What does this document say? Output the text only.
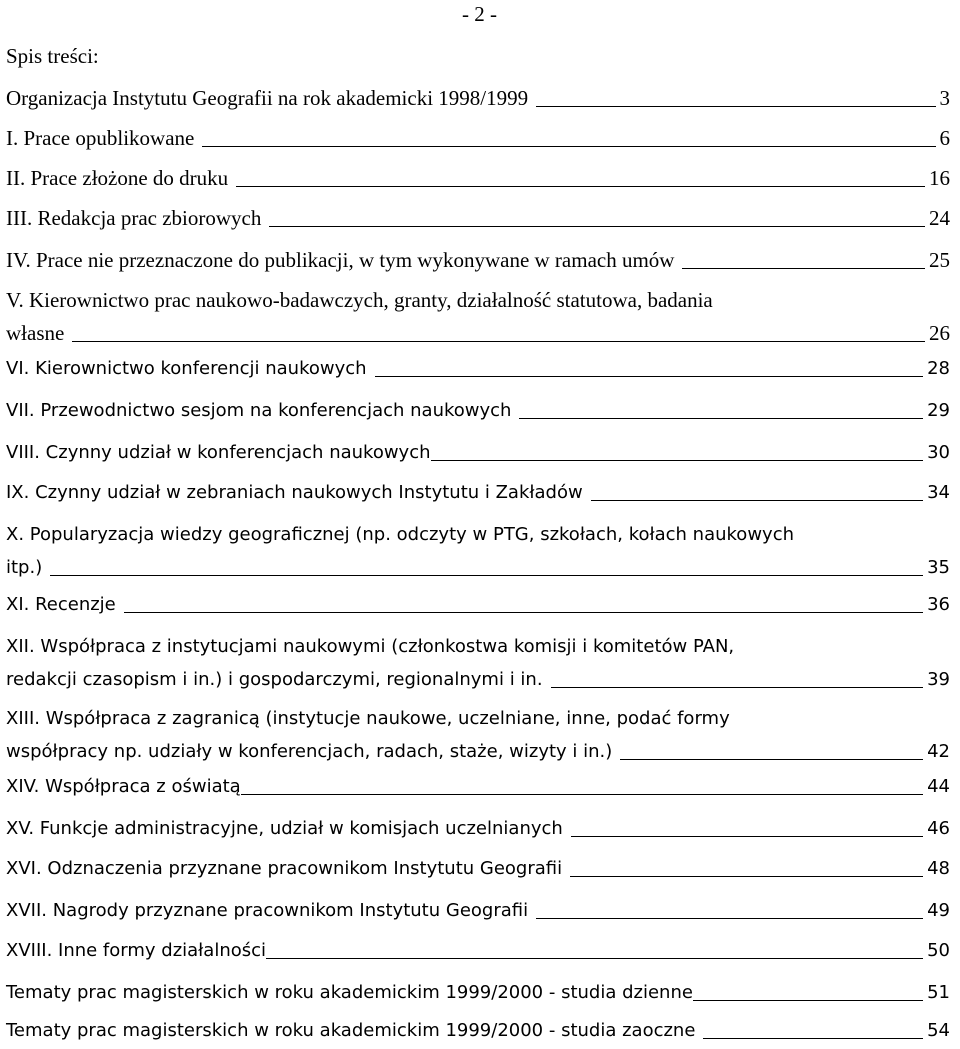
- 2 -
Spis treści:
Organizacja Instytutu Geografii na rok akademicki 1998/1999	3
I. Prace opublikowane	6
II. Prace złożone do druku	16
III. Redakcja prac zbiorowych	24
IV. Prace nie przeznaczone do publikacji, w tym wykonywane w ramach umów	25
V. Kierownictwo prac naukowo-badawczych, granty, działalność statutowa, badania
własne	26
VI. Kierownictwo konferencji naukowych	28
VII. Przewodnictwo sesjom na konferencjach naukowych	29
VIII. Czynny udział w konferencjach naukowych	30
IX. Czynny udział w zebraniach naukowych Instytutu i Zakładów	34
X. Popularyzacja wiedzy geograficznej (np. odczyty w PTG, szkołach, kołach naukowych
itp.)	35
XI. Recenzje	36
XII. Współpraca z instytucjami naukowymi (członkostwa komisji i komitetów PAN,
redakcji czasopism i in.) i gospodarczymi, regionalnymi i in.	39
XIII. Współpraca z zagranicą (instytucje naukowe, uczelniane, inne, podać formy
współpracy np. udziały w konferencjach, radach, staże, wizyty i in.)	42
XIV. Współpraca z oświatą	44
XV. Funkcje administracyjne, udział w komisjach uczelnianych	46
XVI. Odznaczenia przyznane pracownikom Instytutu Geografii	48
XVII. Nagrody przyznane pracownikom Instytutu Geografii	49
XVIII. Inne formy działalności	50
Tematy prac magisterskich w roku akademickim 1999/2000 - studia dzienne	51
Tematy prac magisterskich w roku akademickim 1999/2000 - studia zaoczne	54
